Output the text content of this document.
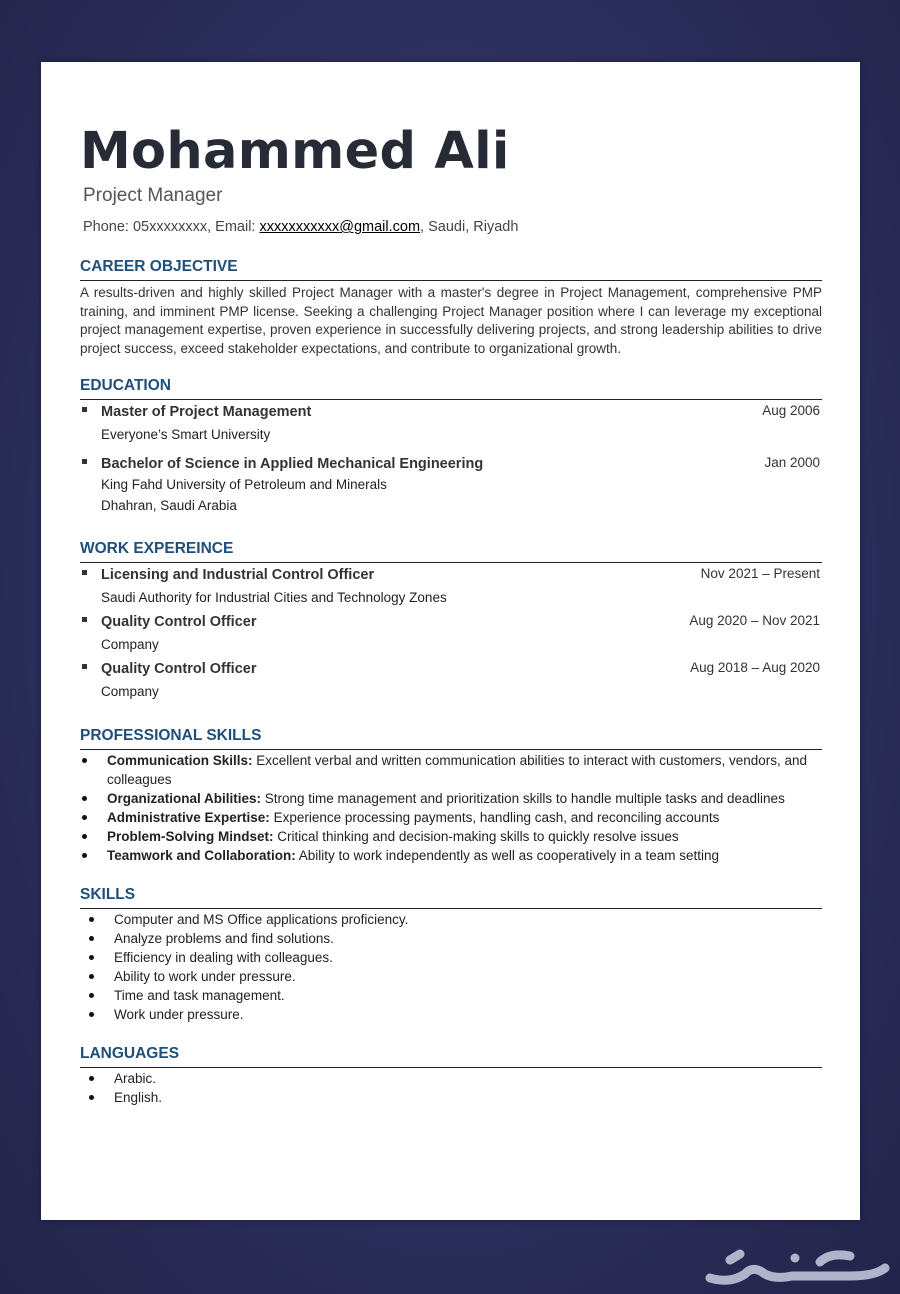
Mohammed Ali
Project Manager
Phone: 05xxxxxxxx, Email: xxxxxxxxxxx@gmail.com, Saudi, Riyadh
CAREER OBJECTIVE

A results-driven and highly skilled Project Manager with a master's degree in Project Management, comprehensive PMP training, and imminent PMP license. Seeking a challenging Project Manager position where I can leverage my exceptional project management expertise, proven experience in successfully delivering projects, and strong leadership abilities to drive project success, exceed stakeholder expectations, and contribute to organizational growth.

EDUCATION
Master of Project Management	Aug 2006
Everyone’s Smart University
Bachelor of Science in Applied Mechanical Engineering	Jan 2000
King Fahd University of Petroleum and Minerals
Dhahran, Saudi Arabia
WORK EXPEREINCE
Licensing and Industrial Control Officer	Nov 2021 – Present
Saudi Authority for Industrial Cities and Technology Zones
Quality Control Officer	Aug 2020 – Nov 2021
Company
Quality Control Officer	Aug 2018 – Aug 2020
Company
PROFESSIONAL SKILLS
Communication Skills: Excellent verbal and written communication abilities to interact with customers, vendors, and colleagues
Organizational Abilities: Strong time management and prioritization skills to handle multiple tasks and deadlines
Administrative Expertise: Experience processing payments, handling cash, and reconciling accounts
Problem-Solving Mindset: Critical thinking and decision-making skills to quickly resolve issues
Teamwork and Collaboration: Ability to work independently as well as cooperatively in a team setting
SKILLS
Computer and MS Office applications proficiency.
Analyze problems and find solutions.
Efficiency in dealing with colleagues.
Ability to work under pressure.
Time and task management.
Work under pressure.
LANGUAGES
Arabic.
English.
